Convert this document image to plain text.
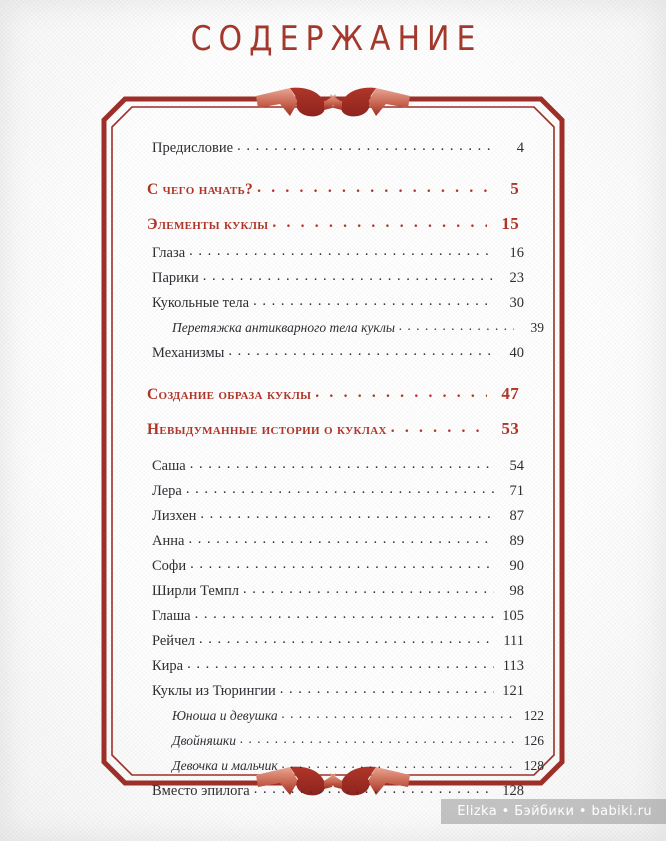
СОДЕРЖАНИЕ
Предисловие . . .	4
С чего начать? . . .	5
Элементы куклы . . .	15
Глаза . . .	16
Парики . . .	23
Кукольные тела . . .	30
Перетяжка антикварного тела куклы . . .	39
Механизмы . . .	40
Создание образа куклы . . .	47
Невыдуманные истории о куклах . . .	53
Саша . . .	54
Лера . . .	71
Лизхен . . .	87
Анна . . .	89
Софи . . .	90
Ширли Темпл . . .	98
Глаша . . .	105
Рейчел . . .	111
Кира . . .	113
Куклы из Тюрингии . . .	121
Юноша и девушка . . .	122
Двойняшки . . .	126
Девочка и мальчик . . .	128
Вместо эпилога . . .	128
Elizka • Бэйбики • babiki.ru
